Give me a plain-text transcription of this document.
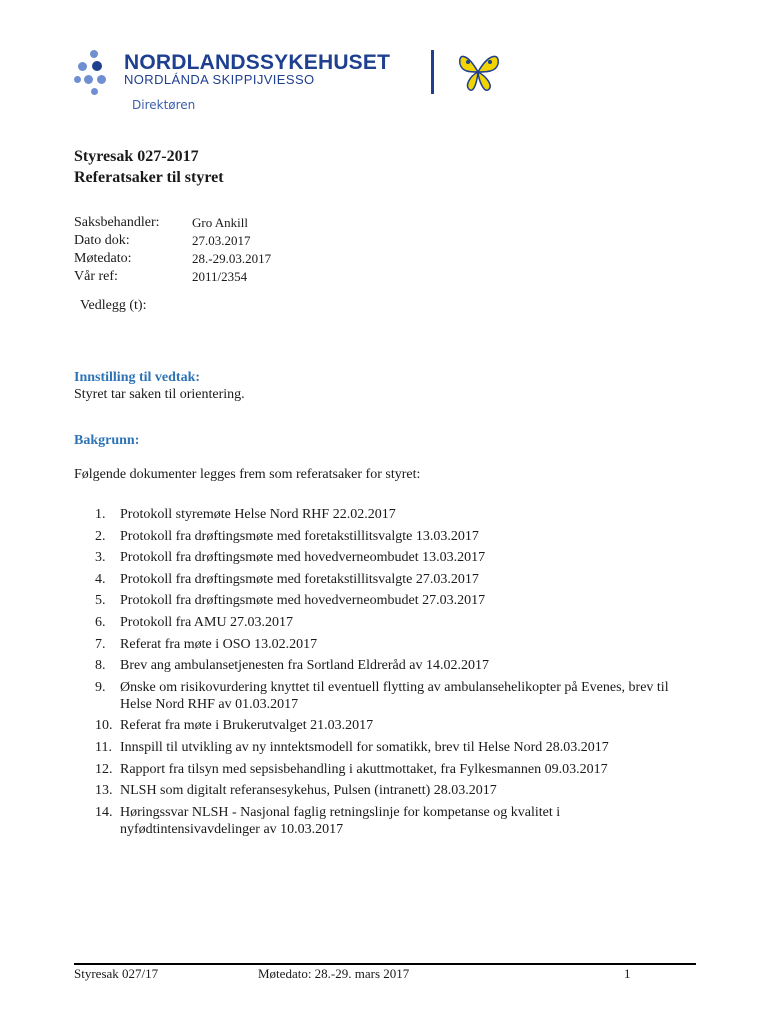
NORDLANDSSYKEHUSET
NORDLÁNDA SKIPPIJVIESSO
Direktøren
Styresak 027-2017
Referatsaker til styret
Saksbehandler:	Gro Ankill
Dato dok:	27.03.2017
Møtedato:	28.-29.03.2017
Vår ref:	2011/2354
Vedlegg (t):
Innstilling til vedtak:
Styret tar saken til orientering.
Bakgrunn:
Følgende dokumenter legges frem som referatsaker for styret:
1.	Protokoll styremøte Helse Nord RHF 22.02.2017
2.	Protokoll fra drøftingsmøte med foretakstillitsvalgte 13.03.2017
3.	Protokoll fra drøftingsmøte med hovedverneombudet 13.03.2017
4.	Protokoll fra drøftingsmøte med foretakstillitsvalgte 27.03.2017
5.	Protokoll fra drøftingsmøte med hovedverneombudet 27.03.2017
6.	Protokoll fra AMU 27.03.2017
7.	Referat fra møte i OSO 13.02.2017
8.	Brev ang ambulansetjenesten fra Sortland Eldreråd av 14.02.2017
9.	Ønske om risikovurdering knyttet til eventuell flytting av ambulansehelikopter på Evenes, brev til Helse Nord RHF av 01.03.2017
10. Referat fra møte i Brukerutvalget 21.03.2017
11. Innspill til utvikling av ny inntektsmodell for somatikk, brev til Helse Nord 28.03.2017
12. Rapport fra tilsyn med sepsisbehandling i akuttmottaket, fra Fylkesmannen 09.03.2017
13. NLSH som digitalt referansesykehus, Pulsen (intranett) 28.03.2017
14. Høringssvar NLSH - Nasjonal faglig retningslinje for kompetanse og kvalitet i nyfødtintensivavdelinger av 10.03.2017
Styresak 027/17	Møtedato: 28.-29. mars 2017	1
